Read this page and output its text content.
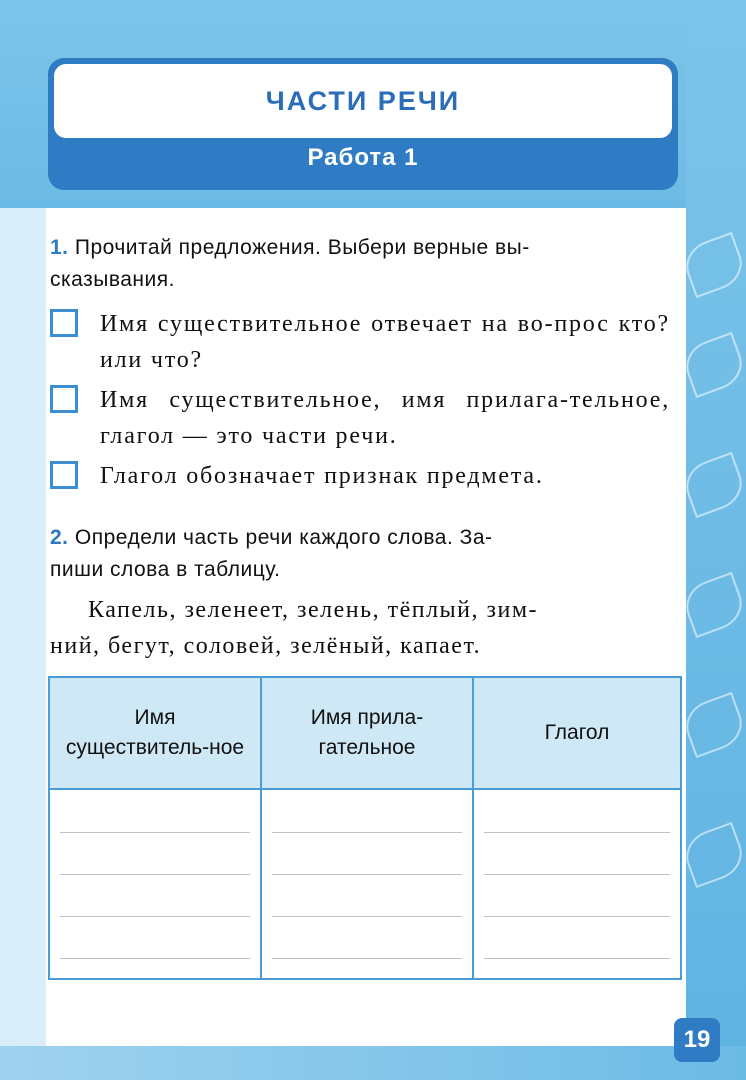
ЧАСТИ РЕЧИ
Работа 1
1. Прочитай предложения. Выбери верные вы-
сказывания.
Имя существительное отвечает на во-прос кто? или что?
Имя существительное, имя прилага-тельное, глагол — это части речи.
Глагол обозначает признак предмета.
2. Определи часть речи каждого слова. За-
пиши слова в таблицу.
Капель, зеленеет, зелень, тёплый, зим-
ний, бегут, соловей, зелёный, капает.
Имя существитель-ное
Имя прила-гательное
Глагол
19
